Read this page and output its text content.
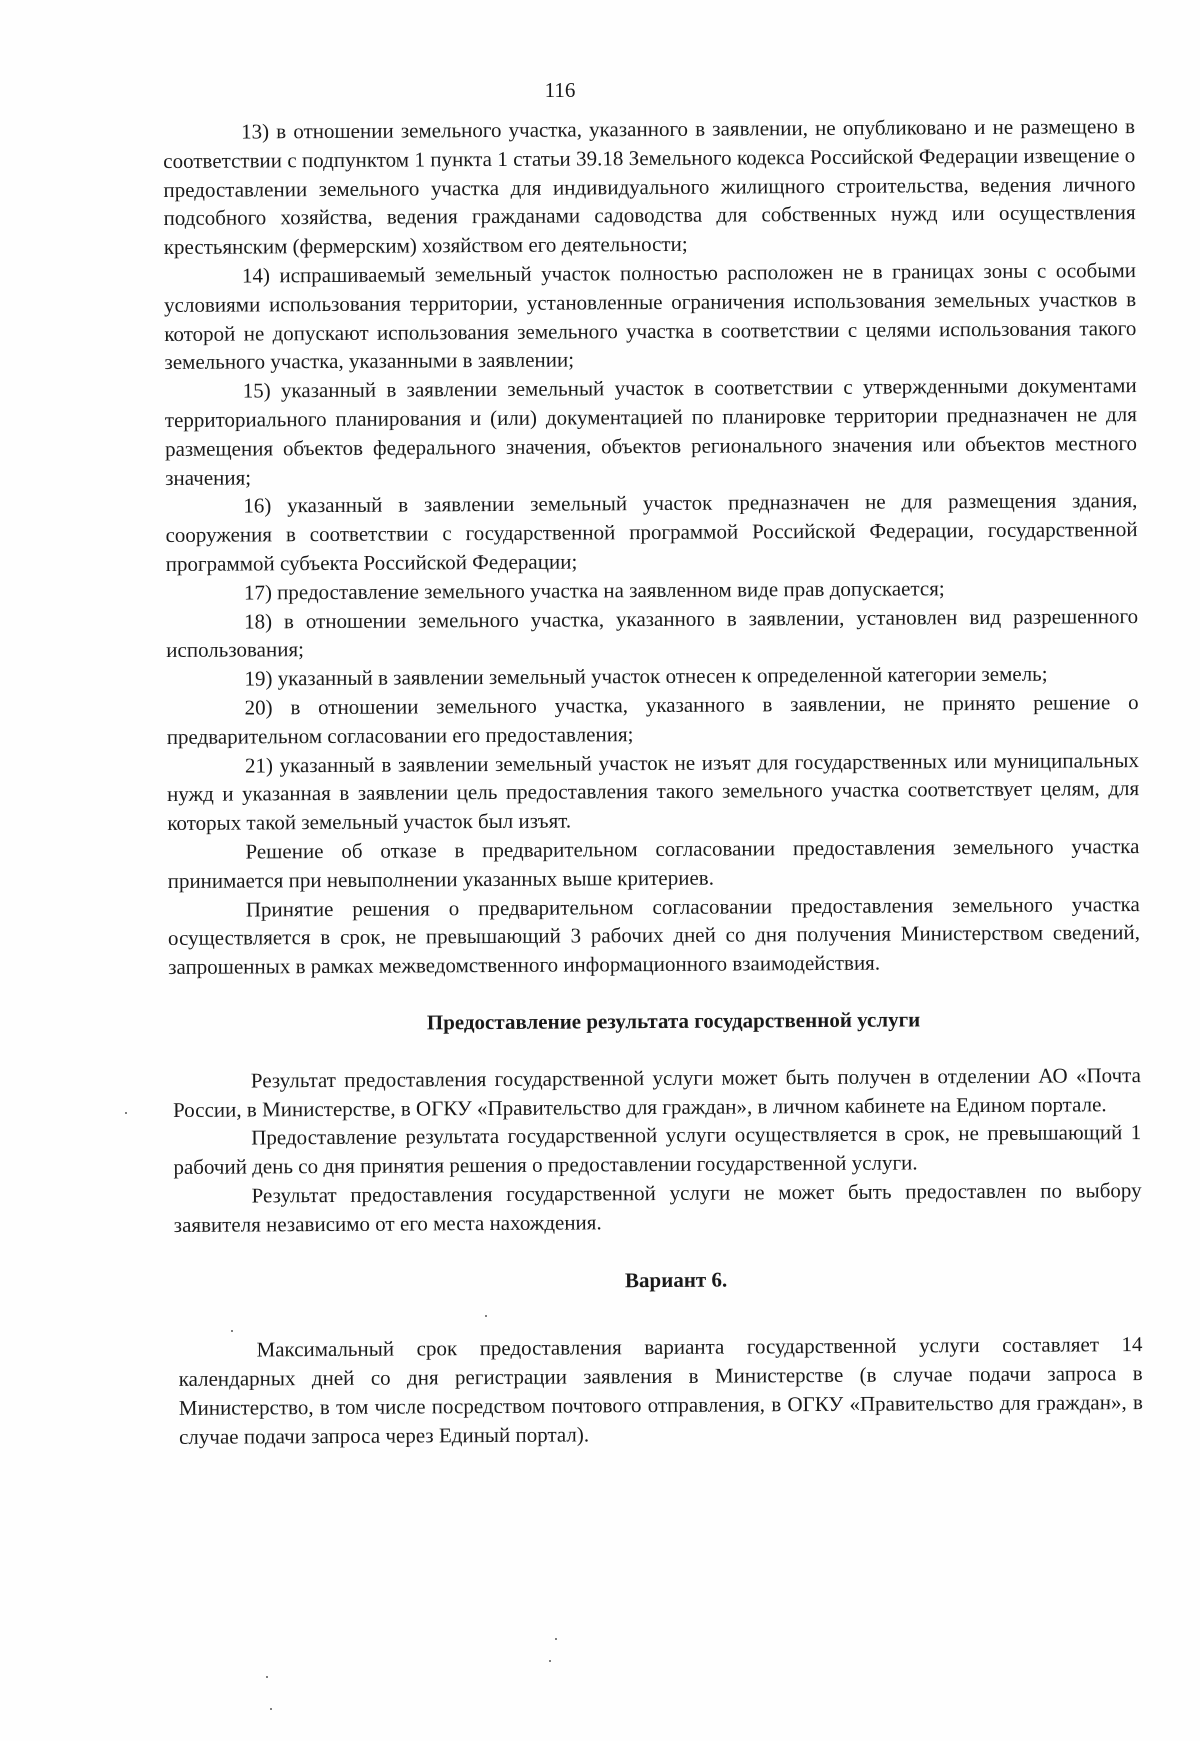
116

13) в отношении земельного участка, указанного в заявлении, не опубликовано и не размещено в соответствии с подпунктом 1 пункта 1 статьи 39.18 Земельного кодекса Российской Федерации извещение о предоставлении земельного участка для индивидуального жилищного строительства, ведения личного подсобного хозяйства, ведения гражданами садоводства для собственных нужд или осуществления крестьянским (фермерским) хозяйством его деятельности;

14) испрашиваемый земельный участок полностью расположен не в границах зоны с особыми условиями использования территории, установленные ограничения использования земельных участков в которой не допускают использования земельного участка в соответствии с целями использования такого земельного участка, указанными в заявлении;

15) указанный в заявлении земельный участок в соответствии с утвержденными документами территориального планирования и (или) документацией по планировке территории предназначен не для размещения объектов федерального значения, объектов регионального значения или объектов местного значения;

16) указанный в заявлении земельный участок предназначен не для размещения здания, сооружения в соответствии с государственной программой Российской Федерации, государственной программой субъекта Российской Федерации;

17) предоставление земельного участка на заявленном виде прав допускается;

18) в отношении земельного участка, указанного в заявлении, установлен вид разрешенного использования;

19) указанный в заявлении земельный участок отнесен к определенной категории земель;

20) в отношении земельного участка, указанного в заявлении, не принято решение о предварительном согласовании его предоставления;

21) указанный в заявлении земельный участок не изъят для государственных или муниципальных нужд и указанная в заявлении цель предоставления такого земельного участка соответствует целям, для которых такой земельный участок был изъят.

Решение об отказе в предварительном согласовании предоставления земельного участка принимается при невыполнении указанных выше критериев.

Принятие решения о предварительном согласовании предоставления земельного участка осуществляется в срок, не превышающий 3 рабочих дней со дня получения Министерством сведений, запрошенных в рамках межведомственного информационного взаимодействия.

Предоставление результата государственной услуги

Результат предоставления государственной услуги может быть получен в отделении АО «Почта России, в Министерстве, в ОГКУ «Правительство для граждан», в личном кабинете на Едином портале.

Предоставление результата государственной услуги осуществляется в срок, не превышающий 1 рабочий день со дня принятия решения о предоставлении государственной услуги.

Результат предоставления государственной услуги не может быть предоставлен по выбору заявителя независимо от его места нахождения.

Вариант 6.

Максимальный срок предоставления варианта государственной услуги составляет 14 календарных дней со дня регистрации заявления в Министерстве (в случае подачи запроса в Министерство, в том числе посредством почтового отправления, в ОГКУ «Правительство для граждан», в случае подачи запроса через Единый портал).
